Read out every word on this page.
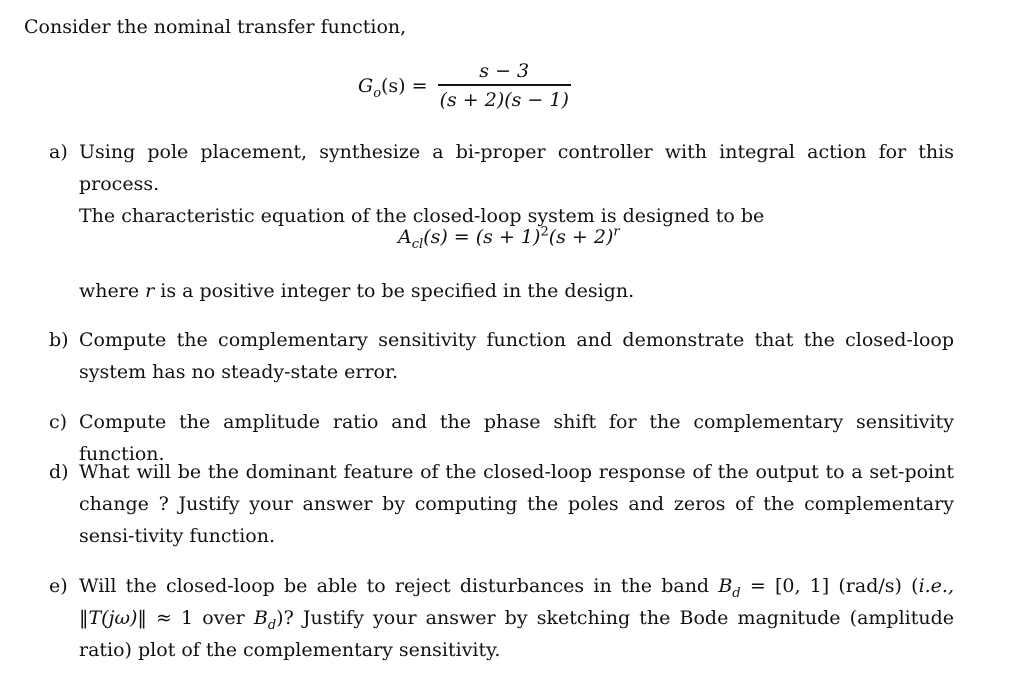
Consider the nominal transfer function,

$G_o(s) = \frac{s - 3}{(s + 2)(s - 1)}$
a) Using pole placement, synthesize a bi-proper controller with integral action for this process.
The characteristic equation of the closed-loop system is designed to be
$A_{cl}(s) = (s + 1)^2(s + 2)^r$

where r is a positive integer to be specified in the design.

b) Compute the complementary sensitivity function and demonstrate that the closed-loop system has no steady-state error.
c) Compute the amplitude ratio and the phase shift for the complementary sensitivity function.
d) What will be the dominant feature of the closed-loop response of the output to a set-point change ? Justify your answer by computing the poles and zeros of the complementary sensi-tivity function.
e) Will the closed-loop be able to reject disturbances in the band $B_d = [0$, 1] (rad/s) (i.e., ‖T(jω)‖ ≈ 1 over $B_d$)? Justify your answer by sketching the Bode magnitude (amplitude ratio) plot of the complementary sensitivity.
